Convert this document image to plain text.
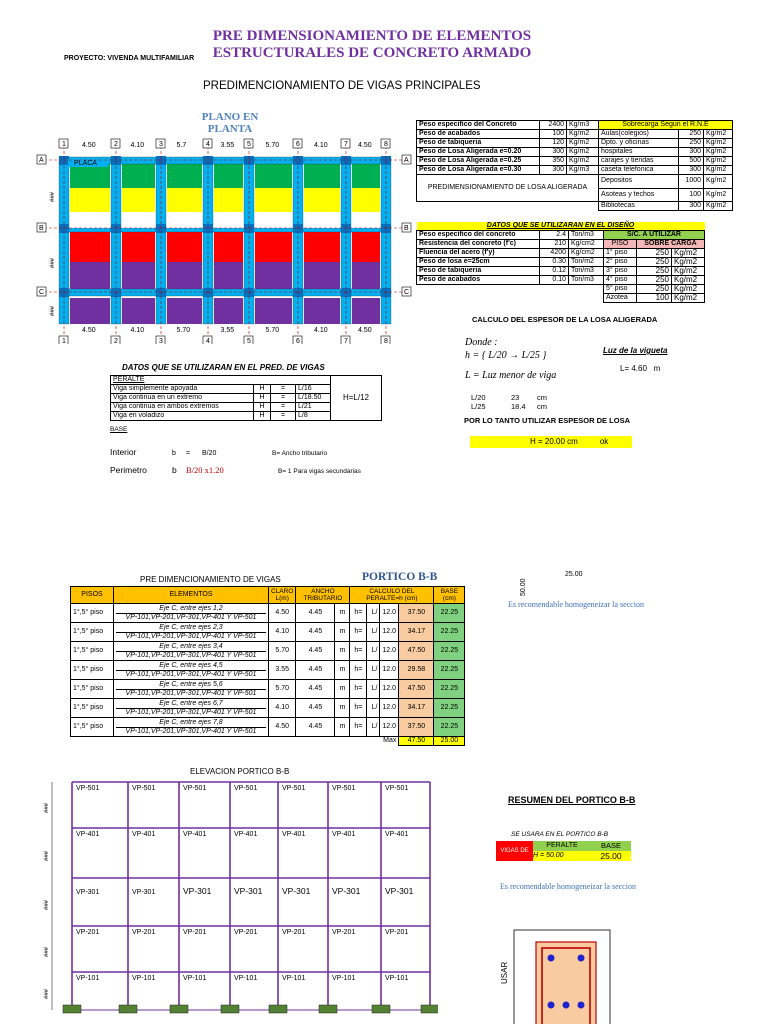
PRE DIMENSIONAMIENTO DE ELEMENTOS
ESTRUCTURALES DE CONCRETO ARMADO
PROYECTO: VIVENDA MULTIFAMILIAR
PREDIMENCIONAMIENTO DE VIGAS PRINCIPALES
PLANO EN
PLANTA
PLACA
1
1
2
2
3
3
4
4
5
5
6
6
7
7
8
8
A	A
B	B
C	C
4.50
4.50
4.10
4.10
5.7
5.70
3.55
3.55
5.70
5.70
4.10
4.10
4.50
4.50
###
###
###
Peso especifico del Concreto	2400	Kg/m3	Sobrecarga Segun el R.N.E		
Peso de acabados	100	Kg/m2	Aulas(colegios)	250	Kg/m2
Peso de tabiqueria	120	Kg/m2	Dpto. y oficinas	250	Kg/m2
Peso de Losa Aligerada e=0.20	300	Kg/m2	hospitales	300	Kg/m2
Peso de Losa Aligerada e=0.25	350	Kg/m2	carajes y tiendas	500	Kg/m2
Peso de Losa Aligerada e=0.30	300	Kg/m3	caseta telefonica	300	Kg/m2
PREDIMENSIONAMIENTO DE LOSA ALIGERADA			Depositos	1000	Kg/m2
			Asoteas y techos	100	Kg/m2
			Bibliotecas	300	Kg/m2
DATOS QUE SE UTILIZARAN EN EL DISEÑO					
Peso especifico del concreto	2.4	Ton/m3	S/C. A UTILIZAR		
Resistencia del concreto (f'c)	210	Kg/cm2	PISO	SOBRE CARGA	
Fluencia del acero (f'y)	4200	Kg/cm2	1° piso	250	Kg/m2
Peso de losa e=25cm	0.30	Ton/m2	2° piso	250	Kg/m2
Peso de tabiqueria	0.12	Ton/m3	3° piso	250	Kg/m2
Peso de acabados	0.10	Ton/m3	4° piso	250	Kg/m2
			5° piso	250	Kg/m2
			Azotea	100	Kg/m2
CALCULO DEL ESPESOR DE LA LOSA ALIGERADA
Donde :
h = { L/20 → L/25 }
L = Luz menor de viga
Luz de la vigueta
L= 4.60 m
L/20	23 cm
L/25	18.4 cm
POR LO TANTO UTILIZAR ESPESOR DE LOSA
H = 20.00 cm	ok
DATOS QUE SE UTILIZARAN EN EL PRED. DE VIGAS
PERALTE				H=L/12
Viga simplemente apoyada	H	=	L/16	
Viga continua en un extremo	H	=	L/18.50	
Viga continua en ambos extremos	H	=	L/21	
Viga en voladizo	H	=	L/8	
BASE
Interior	b = B/20	B= Ancho tributario
Perimetro	b B/20 x1.20	B= 1 Para vigas secundarias
PRE DIMENCIONAMIENTO DE VIGAS	PORTICO B-B
PISOS	ELEMENTOS	CLARO L(m)	ANCHO TRIBUTARIO		CALCULO DEL PERALTE=h (cm)				BASE (cm)
1°,5° piso	Eje C, entre ejes 1,2
VP-101,VP-201,VP-301,VP-401 Y VP-501	4.50	4.45	m	h=	L/	12.0	37.50	22.25
1°,5° piso	Eje C, entre ejes 2,3
VP-101,VP-201,VP-301,VP-401 Y VP-501	4.10	4.45	m	h=	L/	12.0	34.17	22.25
1°,5° piso	Eje C, entre ejes 3,4
VP-101,VP-201,VP-301,VP-401 Y VP-501	5.70	4.45	m	h=	L/	12.0	47.50	22.25
1°,5° piso	Eje C, entre ejes 4,5
VP-101,VP-201,VP-301,VP-401 Y VP-501	3.55	4.45	m	h=	L/	12.0	29.58	22.25
1°,5° piso	Eje C, entre ejes 5,6
VP-101,VP-201,VP-301,VP-401 Y VP-501	5.70	4.45	m	h=	L/	12.0	47.50	22.25
1°,5° piso	Eje C, entre ejes 6,7
VP-101,VP-201,VP-301,VP-401 Y VP-501	4.10	4.45	m	h=	L/	12.0	34.17	22.25
1°,5° piso	Eje C, entre ejes 7,8
VP-101,VP-201,VP-301,VP-401 Y VP-501	4.50	4.45	m	h=	L/	12.0	37.50	22.25
							Max	47.50	25.00
25.00
50.00
Es recomendable homogeneizar la seccion
ELEVACION PORTICO B-B
VP-501	VP-501	VP-501	VP-501	VP-501	VP-501	VP-501
VP-401	VP-401	VP-401	VP-401	VP-401	VP-401	VP-401
VP-301	VP-301	VP-301	VP-301 VP-301	VP-301	VP-301
VP-201	VP-201	VP-201	VP-201	VP-201	VP-201	VP-201
VP-101	VP-101	VP-101	VP-101	VP-101	VP-101	VP-101
###
###
###
###
###
RESUMEN DEL PORTICO B-B
SE USARA EN EL PORTICO B-B
VIGAS DE
PERALTE	BASE
H = 50.00	25.00
Es recomendable homogeneizar la seccion
USAR
